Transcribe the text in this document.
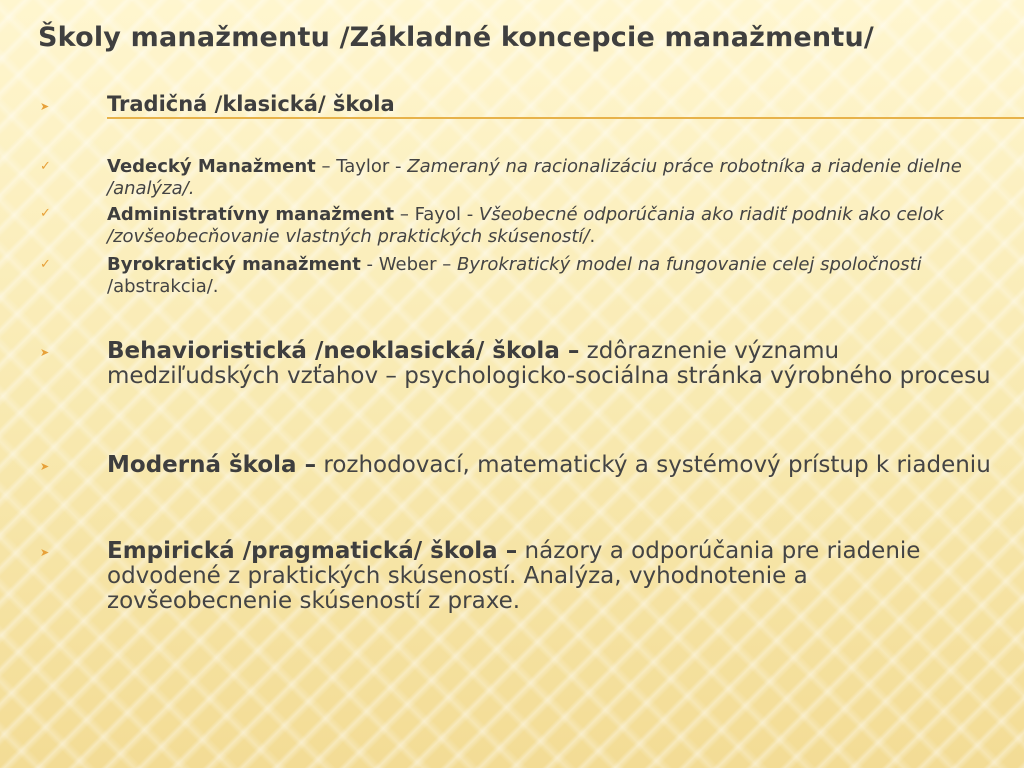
Školy manažmentu /Základné koncepcie manažmentu/
➤	Tradičná /klasická/ škola
✓	Vedecký Manažment – Taylor - Zameraný na racionalizáciu práce robotníka a riadenie dielne /analýza/.
✓	Administratívny manažment – Fayol - Všeobecné odporúčania ako riadiť podnik ako celok /zovšeobecňovanie vlastných praktických skúseností/.
✓	Byrokratický manažment - Weber – Byrokratický model na fungovanie celej spoločnosti /abstrakcia/.
➤	Behavioristická /neoklasická/ škola – zdôraznenie významu medziľudských vzťahov – psychologicko-sociálna stránka výrobného procesu
➤	Moderná škola – rozhodovací, matematický a systémový prístup k riadeniu
➤	Empirická /pragmatická/ škola – názory a odporúčania pre riadenie odvodené z praktických skúseností. Analýza, vyhodnotenie a zovšeobecnenie skúseností z praxe.
